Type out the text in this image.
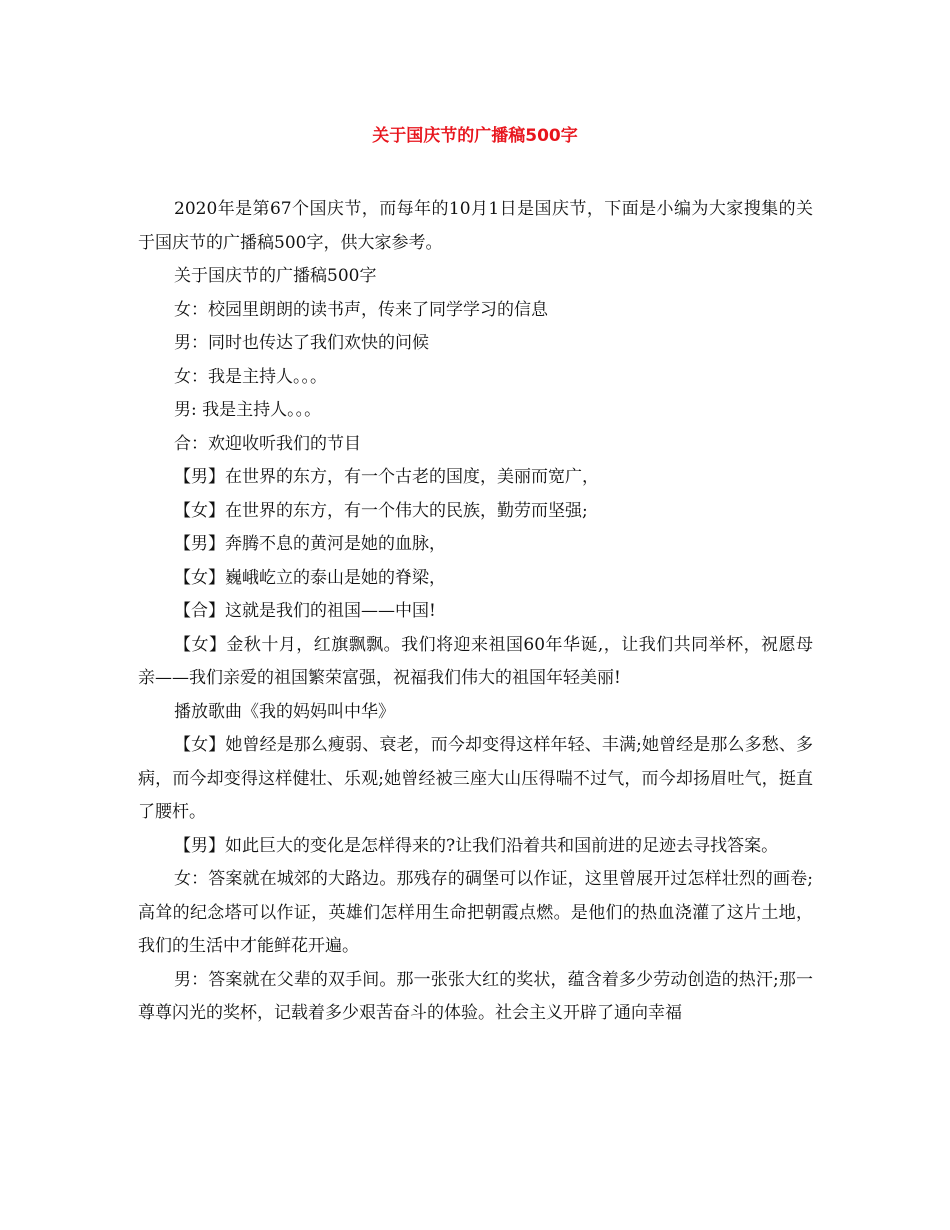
关于国庆节的广播稿500字

2020年是第67个国庆节，而每年的10月1日是国庆节，下面是小编为大家搜集的关于国庆节的广播稿500字，供大家参考。

关于国庆节的广播稿500字

女：校园里朗朗的读书声，传来了同学学习的信息

男：同时也传达了我们欢快的问候

女：我是主持人。。。

男: 我是主持人。。。

合：欢迎收听我们的节目

【男】在世界的东方，有一个古老的国度，美丽而宽广，

【女】在世界的东方，有一个伟大的民族，勤劳而坚强;

【男】奔腾不息的黄河是她的血脉，

【女】巍峨屹立的泰山是她的脊梁，

【合】这就是我们的祖国——中国!

【女】金秋十月，红旗飘飘。我们将迎来祖国60年华诞,，让我们共同举杯，祝愿母亲——我们亲爱的祖国繁荣富强，祝福我们伟大的祖国年轻美丽!

播放歌曲《我的妈妈叫中华》

【女】她曾经是那么瘦弱、衰老，而今却变得这样年轻、丰满;她曾经是那么多愁、多病，而今却变得这样健壮、乐观;她曾经被三座大山压得喘不过气，而今却扬眉吐气，挺直了腰杆。

【男】如此巨大的变化是怎样得来的?让我们沿着共和国前进的足迹去寻找答案。

女：答案就在城郊的大路边。那残存的碉堡可以作证，这里曾展开过怎样壮烈的画卷;高耸的纪念塔可以作证，英雄们怎样用生命把朝霞点燃。是他们的热血浇灌了这片土地，我们的生活中才能鲜花开遍。

男：答案就在父辈的双手间。那一张张大红的奖状，蕴含着多少劳动创造的热汗;那一尊尊闪光的奖杯，记载着多少艰苦奋斗的体验。社会主义开辟了通向幸福
